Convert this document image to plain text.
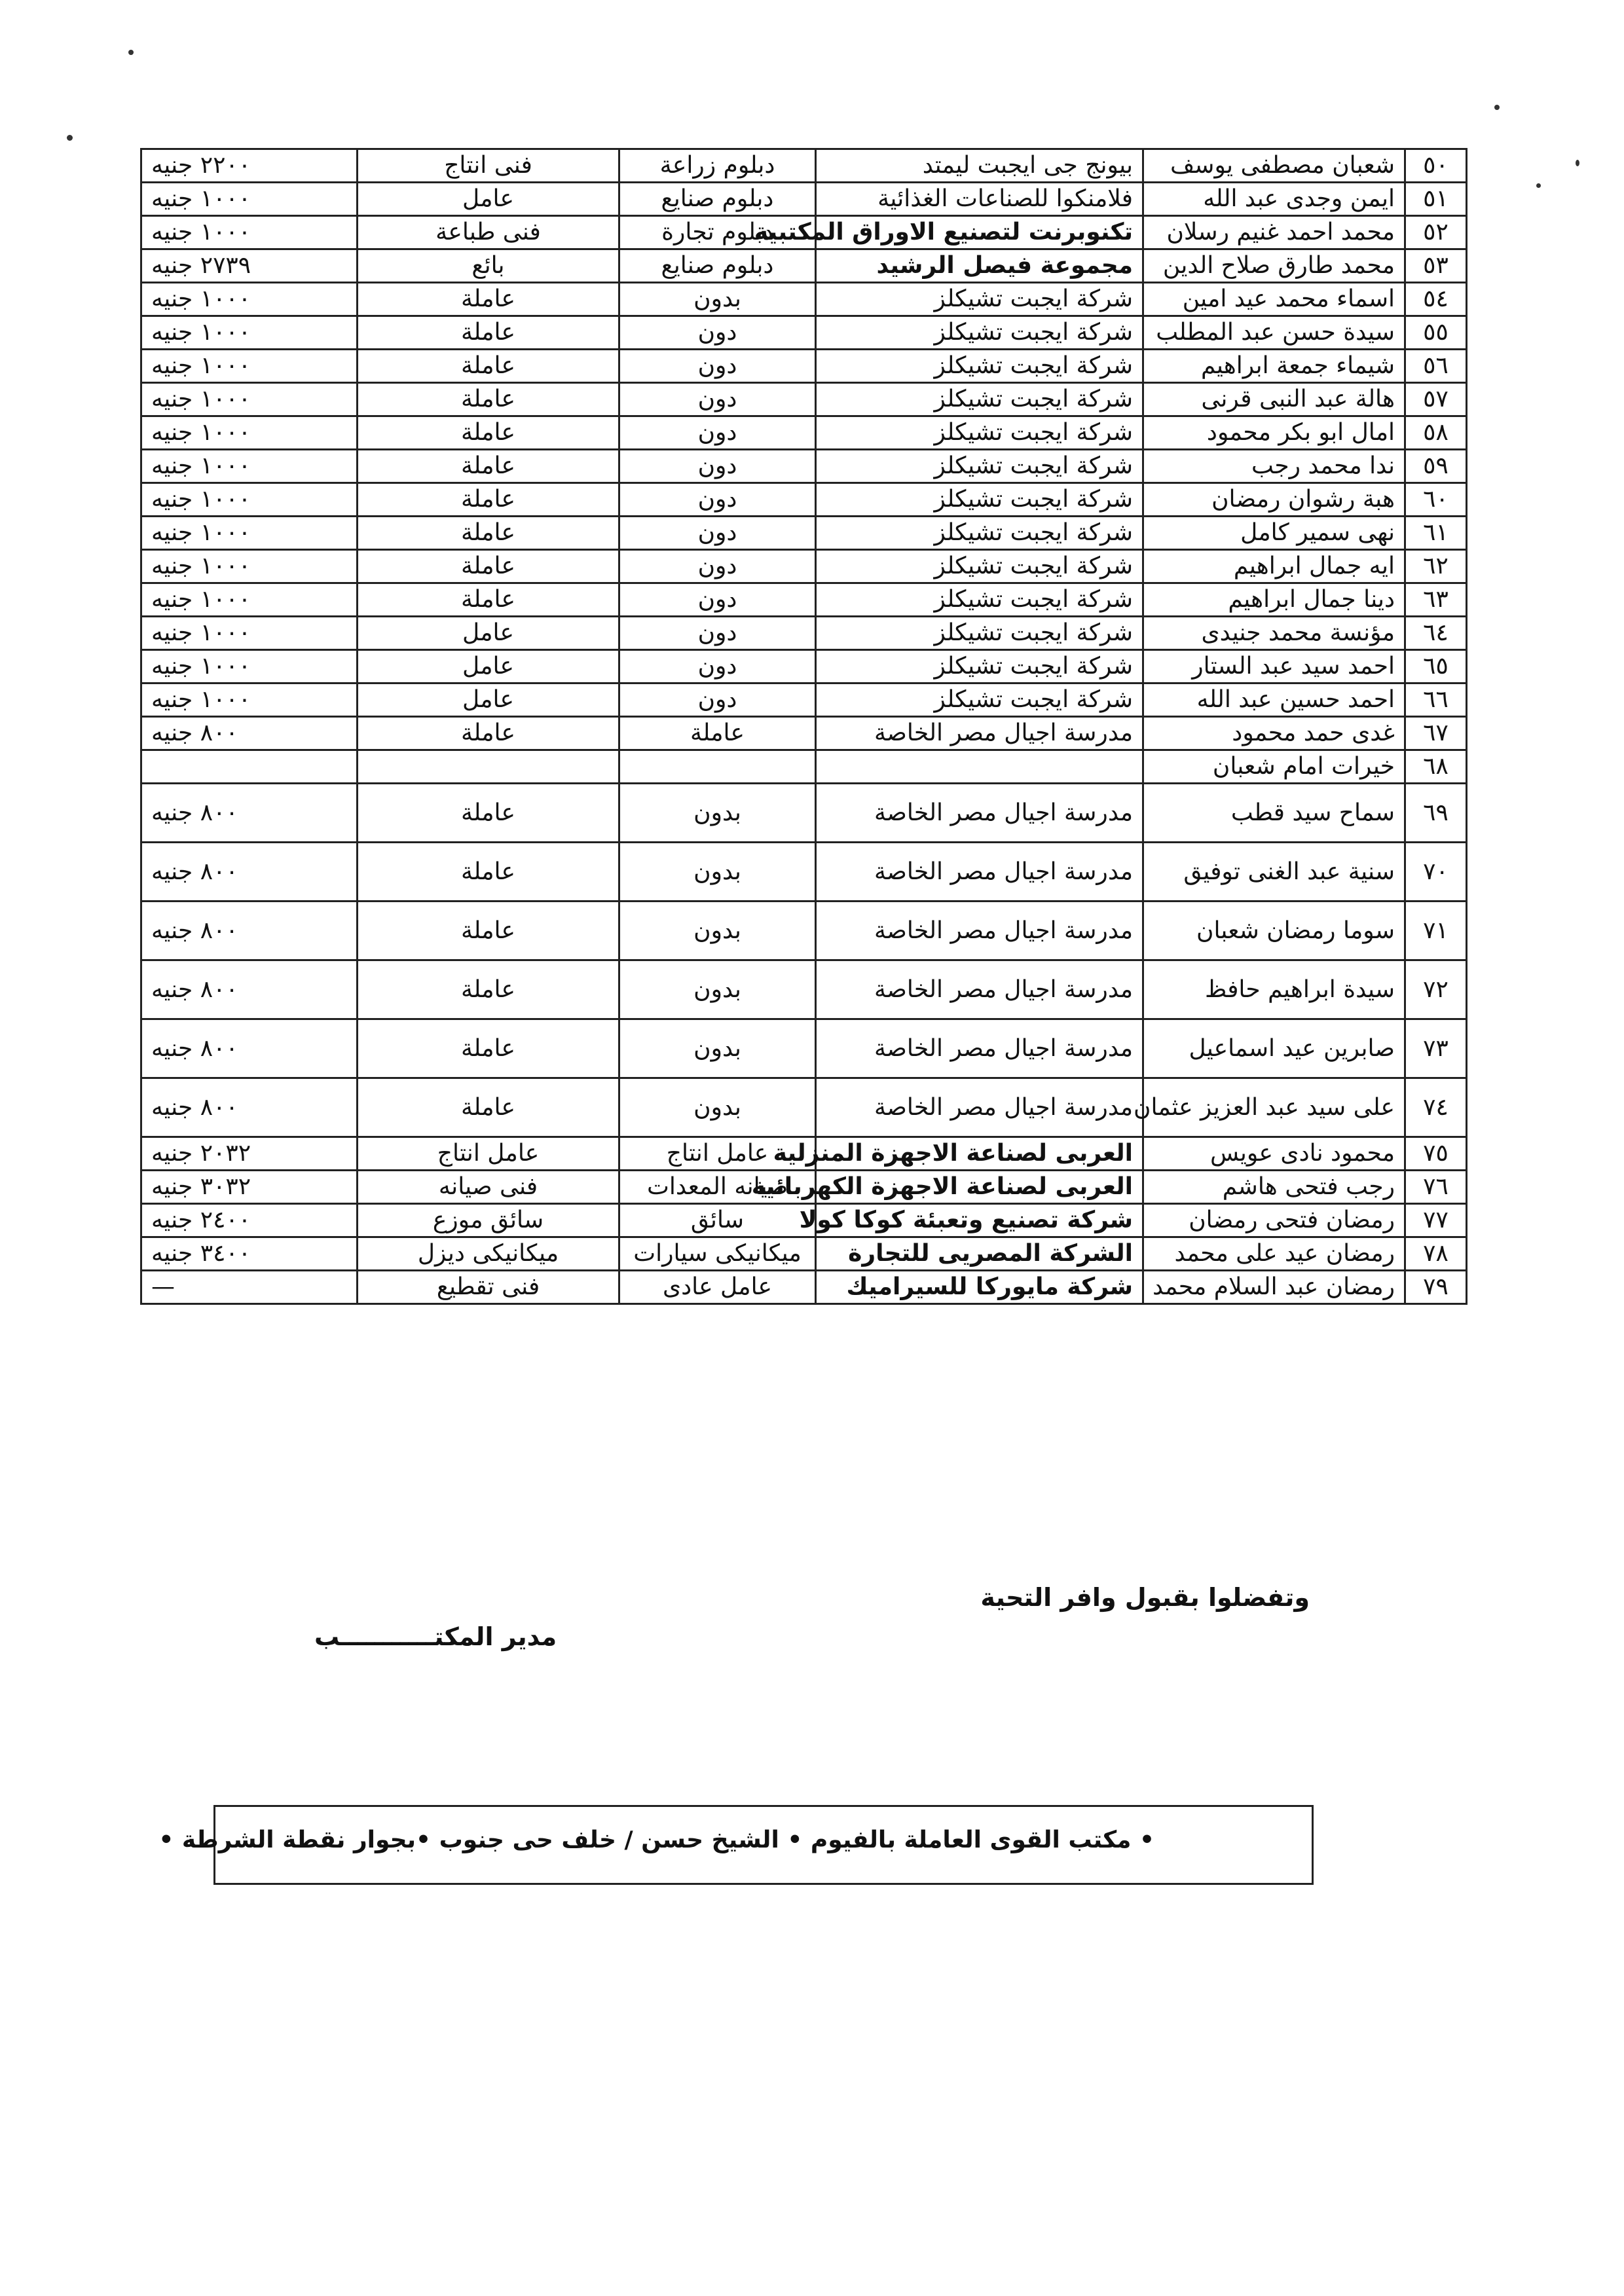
٥٠	شعبان مصطفى يوسف	بيونج جى ايجبت ليمتد	دبلوم زراعة	فنى انتاج	٢٢٠٠ جنيه
٥١	ايمن وجدى عبد الله	فلامنكوا للصناعات الغذائية	دبلوم صنايع	عامل	١٠٠٠ جنيه
٥٢	محمد احمد غنيم رسلان	تكنوبرنت لتصنيع الاوراق المكتبية	دبلوم تجارة	فنى طباعة	١٠٠٠ جنيه
٥٣	محمد طارق صلاح الدين	مجموعة فيصل الرشيد	دبلوم صنايع	بائع	٢٧٣٩ جنيه
٥٤	اسماء محمد عيد امين	شركة ايجبت تشيكلز	بدون	عاملة	١٠٠٠ جنيه
٥٥	سيدة حسن عبد المطلب	شركة ايجبت تشيكلز	دون	عاملة	١٠٠٠ جنيه
٥٦	شيماء جمعة ابراهيم	شركة ايجبت تشيكلز	دون	عاملة	١٠٠٠ جنيه
٥٧	هالة عبد النبى قرنى	شركة ايجبت تشيكلز	دون	عاملة	١٠٠٠ جنيه
٥٨	امال ابو بكر محمود	شركة ايجبت تشيكلز	دون	عاملة	١٠٠٠ جنيه
٥٩	ندا محمد رجب	شركة ايجبت تشيكلز	دون	عاملة	١٠٠٠ جنيه
٦٠	هبة رشوان رمضان	شركة ايجبت تشيكلز	دون	عاملة	١٠٠٠ جنيه
٦١	نهى سمير كامل	شركة ايجبت تشيكلز	دون	عاملة	١٠٠٠ جنيه
٦٢	ايه جمال ابراهيم	شركة ايجبت تشيكلز	دون	عاملة	١٠٠٠ جنيه
٦٣	دينا جمال ابراهيم	شركة ايجبت تشيكلز	دون	عاملة	١٠٠٠ جنيه
٦٤	مؤنسة محمد جنيدى	شركة ايجبت تشيكلز	دون	عامل	١٠٠٠ جنيه
٦٥	احمد سيد عبد الستار	شركة ايجبت تشيكلز	دون	عامل	١٠٠٠ جنيه
٦٦	احمد حسين عبد الله	شركة ايجبت تشيكلز	دون	عامل	١٠٠٠ جنيه
٦٧	غدى حمد محمود	مدرسة اجيال مصر الخاصة	عاملة	عاملة	٨٠٠ جنيه
٦٨	خيرات امام شعبان				
٦٩	سماح سيد قطب	مدرسة اجيال مصر الخاصة	بدون	عاملة	٨٠٠ جنيه
٧٠	سنية عبد الغنى توفيق	مدرسة اجيال مصر الخاصة	بدون	عاملة	٨٠٠ جنيه
٧١	سوما رمضان شعبان	مدرسة اجيال مصر الخاصة	بدون	عاملة	٨٠٠ جنيه
٧٢	سيدة ابراهيم حافظ	مدرسة اجيال مصر الخاصة	بدون	عاملة	٨٠٠ جنيه
٧٣	صابرين عيد اسماعيل	مدرسة اجيال مصر الخاصة	بدون	عاملة	٨٠٠ جنيه
٧٤	على سيد عبد العزيز عثمان	مدرسة اجيال مصر الخاصة	بدون	عاملة	٨٠٠ جنيه
٧٥	محمود نادى عويس	العربى لصناعة الاجهزة المنزلية	عامل انتاج	عامل انتاج	٢٠٣٢ جنيه
٧٦	رجب فتحى هاشم	العربى لصناعة الاجهزة الكهربائية	صيانه المعدات	فنى صيانه	٣٠٣٢ جنيه
٧٧	رمضان فتحى رمضان	شركة تصنيع وتعبئة كوكا كولا	سائق	سائق موزع	٢٤٠٠ جنيه
٧٨	رمضان عيد على محمد	الشركة المصريى للتجارة	ميكانيكى سيارات	ميكانيكى ديزل	٣٤٠٠ جنيه
٧٩	رمضان عبد السلام محمد	شركة مايوركا للسيراميك	عامل عادى	فنى تقطيع	—
وتفضلوا بقبول وافر التحية
مدير المكتـــــــــــب
• مكتب القوى العاملة بالفيوم • الشيخ حسن / خلف حى جنوب •بجوار نقطة الشرطة •
